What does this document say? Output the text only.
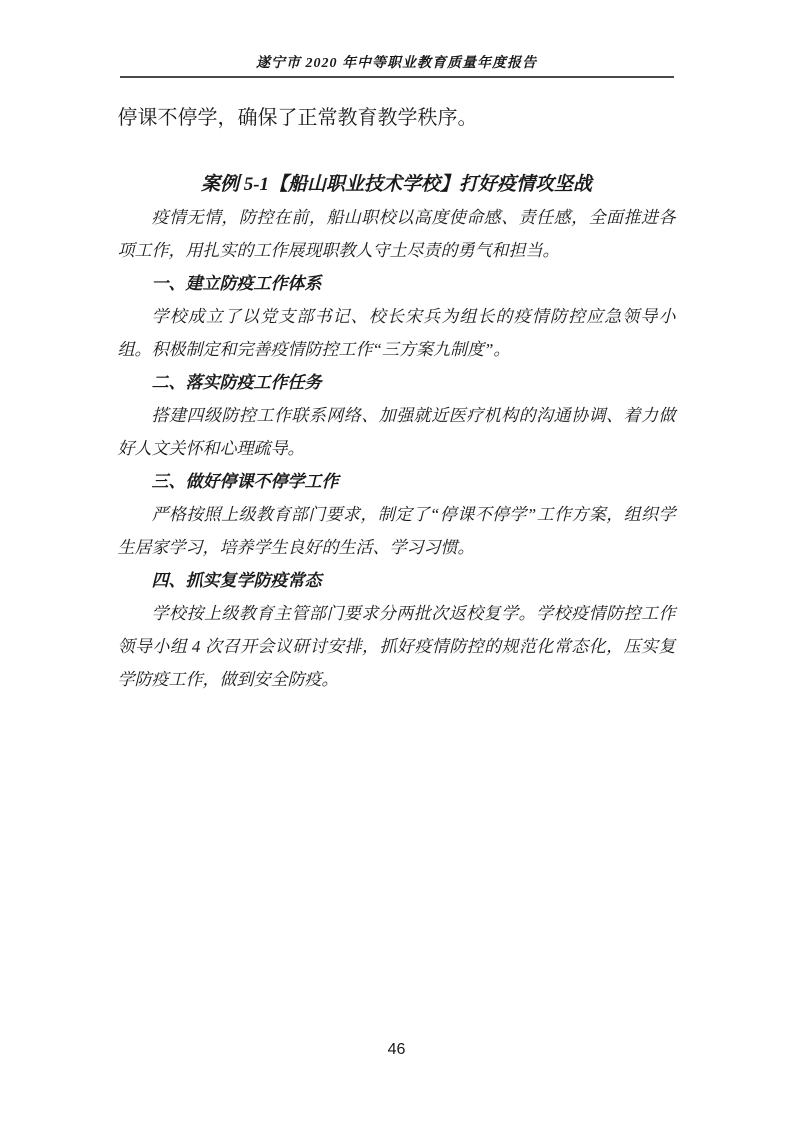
遂宁市 2020 年中等职业教育质量年度报告

停课不停学，确保了正常教育教学秩序。

案例 5-1【船山职业技术学校】打好疫情攻坚战

疫情无情，防控在前，船山职校以高度使命感、责任感，全面推进各项工作，用扎实的工作展现职教人守土尽责的勇气和担当。

一、建立防疫工作体系

学校成立了以党支部书记、校长宋兵为组长的疫情防控应急领导小组。积极制定和完善疫情防控工作“三方案九制度”。

二、落实防疫工作任务

搭建四级防控工作联系网络、加强就近医疗机构的沟通协调、着力做好人文关怀和心理疏导。

三、做好停课不停学工作

严格按照上级教育部门要求，制定了“停课不停学”工作方案，组织学生居家学习，培养学生良好的生活、学习习惯。

四、抓实复学防疫常态

学校按上级教育主管部门要求分两批次返校复学。学校疫情防控工作领导小组 4 次召开会议研讨安排，抓好疫情防控的规范化常态化，压实复学防疫工作，做到安全防疫。

46
